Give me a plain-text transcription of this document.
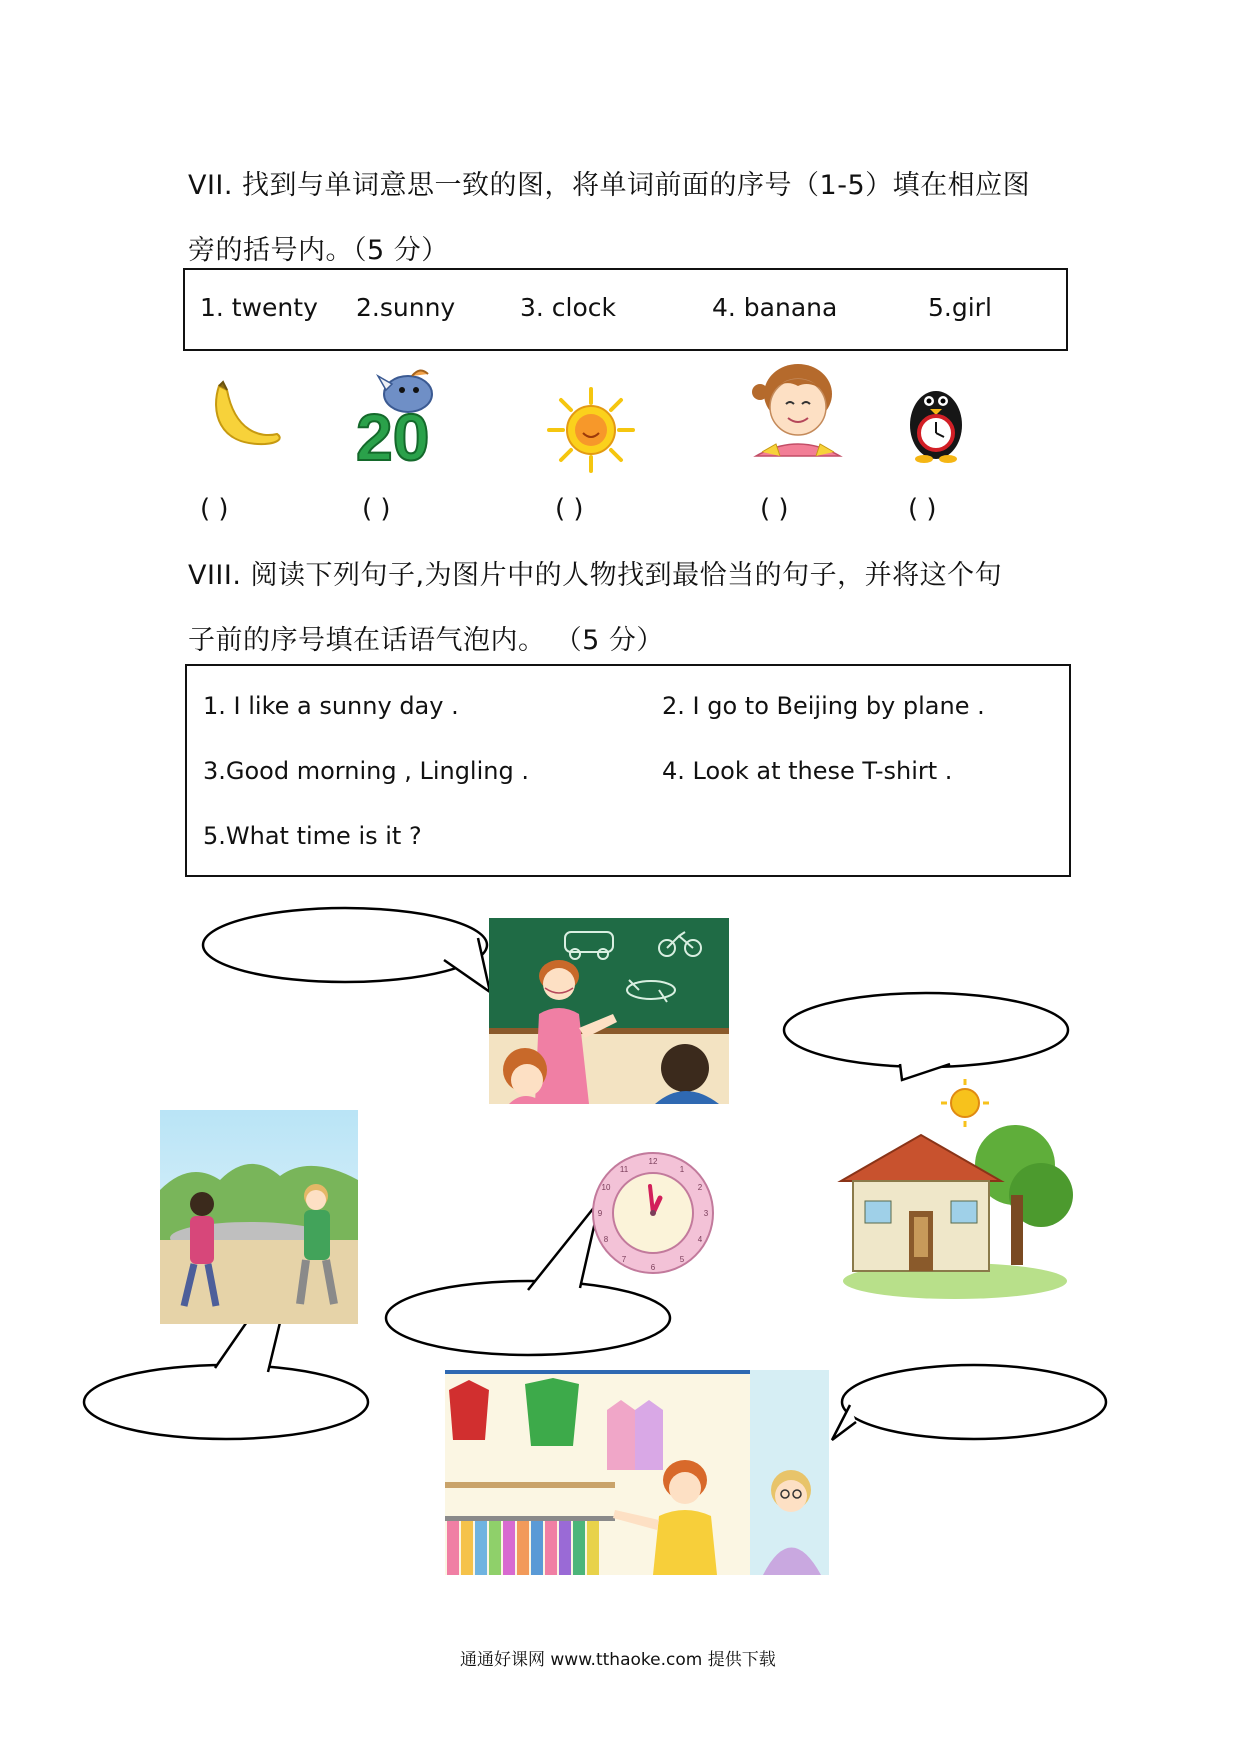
VII. 找到与单词意思一致的图，将单词前面的序号（1-5）填在相应图
旁的括号内。（5 分）
1. twenty 2.sunny	3. clock	4. banana	5.girl
20
( )	( )	( )	( )	( )
VIII. 阅读下列句子,为图片中的人物找到最恰当的句子，并将这个句
子前的序号填在话语气泡内。 （5 分）
1. I like a sunny day .	2. I go to Beijing by plane .
3.Good morning , Lingling .	4. Look at these T-shirt .
5.What time is it ?
12
1
2
3
4
5
6
7
8
9
10
11
通通好课网 www.tthaoke.com 提供下载
